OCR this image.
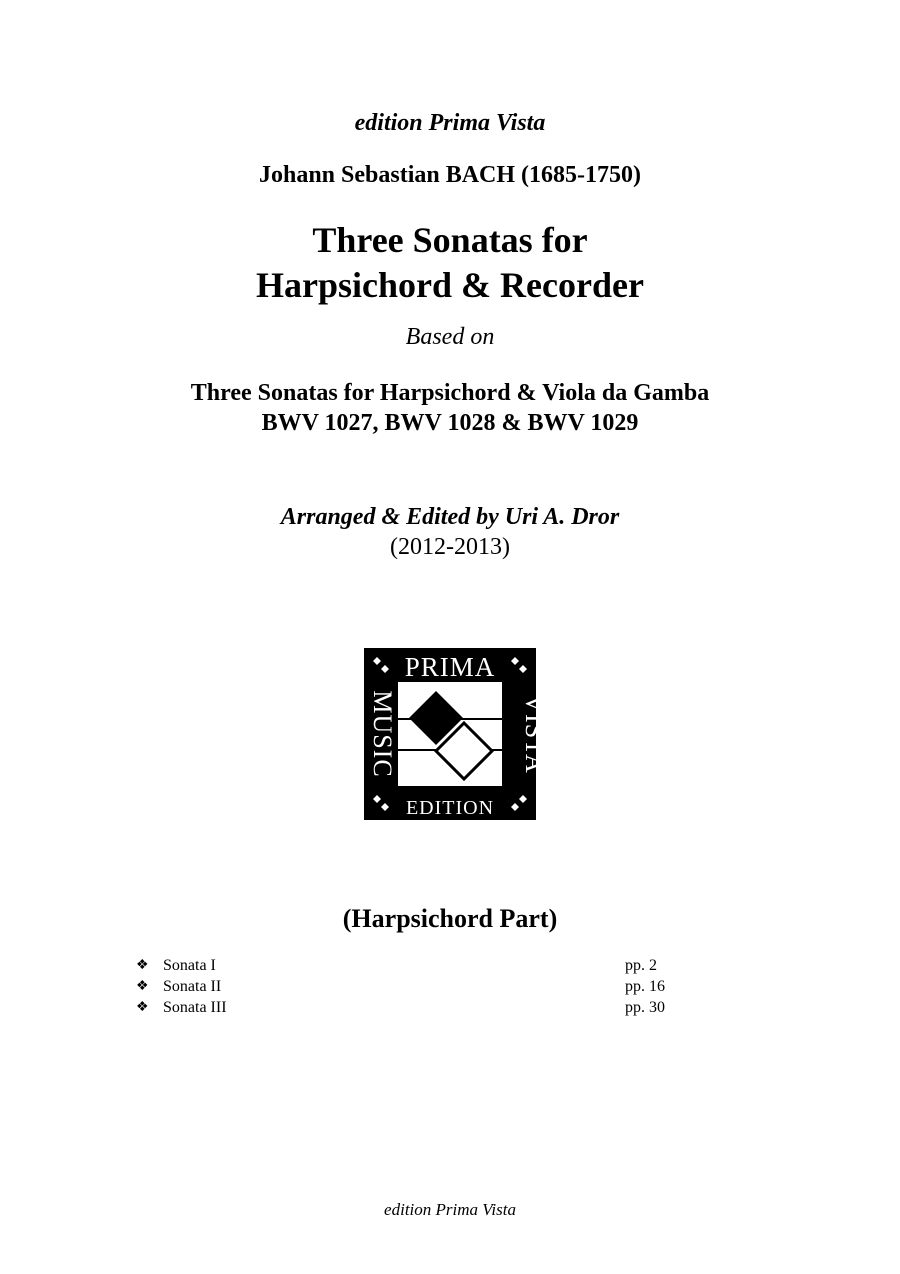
edition Prima Vista

Johann Sebastian BACH (1685-1750)

Three Sonatas for
Harpsichord & Recorder

Based on

Three Sonatas for Harpsichord & Viola da Gamba
BWV 1027, BWV 1028 & BWV 1029

Arranged & Edited by Uri A. Dror

(2012-2013)

PRIMA
EDITION
MUSIC	VISTA

(Harpsichord Part)

❖ Sonata I	pp. 2
❖ Sonata II	pp. 16
❖ Sonata III	pp. 30

edition Prima Vista
